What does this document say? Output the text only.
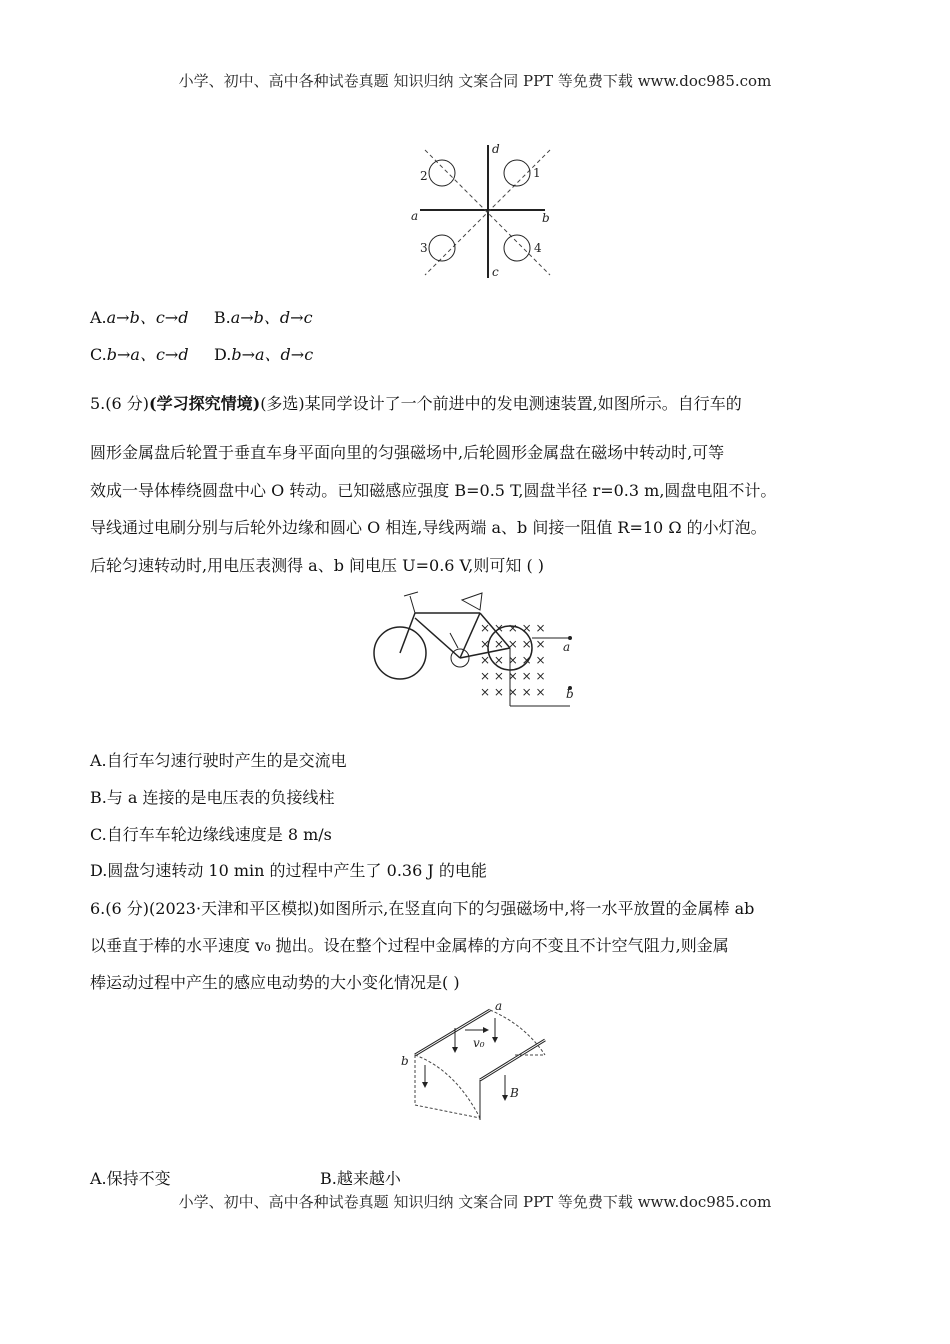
小学、初中、高中各种试卷真题 知识归纳 文案合同 PPT 等免费下载 www.doc985.com
d
c
a	b
1
2
3	4
A.a→b、c→d B.a→b、d→c
C.b→a、c→d D.b→a、d→c
5.(6 分)(学习探究情境)(多选)某同学设计了一个前进中的发电测速装置,如图所示。自行车的
圆形金属盘后轮置于垂直车身平面向里的匀强磁场中,后轮圆形金属盘在磁场中转动时,可等
效成一导体棒绕圆盘中心 O 转动。已知磁感应强度 B=0.5 T,圆盘半径 r=0.3 m,圆盘电阻不计。
导线通过电刷分别与后轮外边缘和圆心 O 相连,导线两端 a、b 间接一阻值 R=10 Ω 的小灯泡。
后轮匀速转动时,用电压表测得 a、b 间电压 U=0.6 V,则可知 ( )
× × × × ×
× × × × ×
× × × × ×
× × × × ×
× × × × ×
a
b
A.自行车匀速行驶时产生的是交流电
B.与 a 连接的是电压表的负接线柱
C.自行车车轮边缘线速度是 8 m/s
D.圆盘匀速转动 10 min 的过程中产生了 0.36 J 的电能
6.(6 分)(2023·天津和平区模拟)如图所示,在竖直向下的匀强磁场中,将一水平放置的金属棒 ab
以垂直于棒的水平速度 v₀ 抛出。设在整个过程中金属棒的方向不变且不计空气阻力,则金属
棒运动过程中产生的感应电动势的大小变化情况是( )
a
b
v₀
B
A.保持不变	B.越来越小
小学、初中、高中各种试卷真题 知识归纳 文案合同 PPT 等免费下载 www.doc985.com
